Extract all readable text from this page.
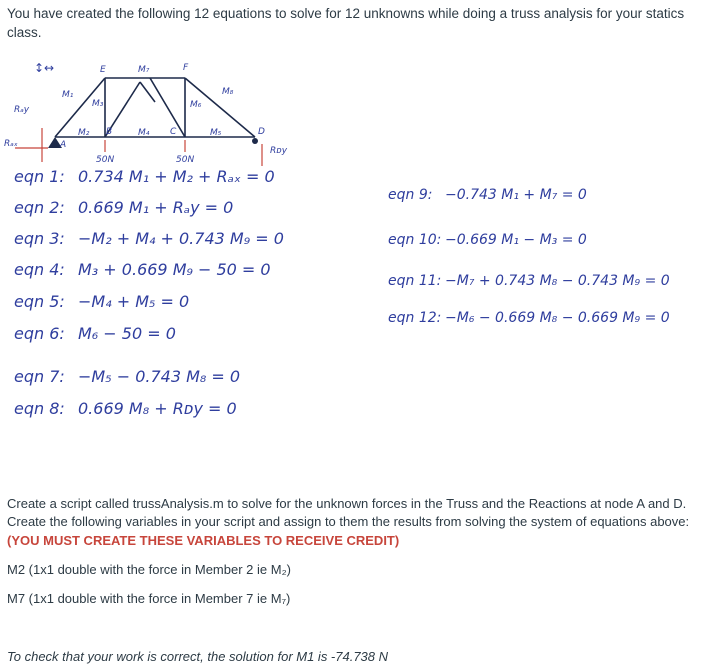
You have created the following 12 equations to solve for 12 unknowns while doing a truss analysis for your statics class.

↕︎↔
M₁
M₂
M₃
M₄	M₅
M₆
M₇
M₈
A
B	C	D
E	F
Rₐₓ
Rₐy
Rᴅy
50N	50N
eqn 1: 0.734 M₁ + M₂ + Rₐₓ = 0
eqn 2: 0.669 M₁ + Rₐy = 0
eqn 3: −M₂ + M₄ + 0.743 M₉ = 0
eqn 4: M₃ + 0.669 M₉ − 50 = 0
eqn 5: −M₄ + M₅ = 0
eqn 6: M₆ − 50 = 0
eqn 7: −M₅ − 0.743 M₈ = 0
eqn 8: 0.669 M₈ + Rᴅy = 0
eqn 9: −0.743 M₁ + M₇ = 0
eqn 10: −0.669 M₁ − M₃ = 0
eqn 11: −M₇ + 0.743 M₈ − 0.743 M₉ = 0
eqn 12: −M₆ − 0.669 M₈ − 0.669 M₉ = 0

Create a script called trussAnalysis.m to solve for the unknown forces in the Truss and the Reactions at node A and D. Create the following variables in your script and assign to them the results from solving the system of equations above:

(YOU MUST CREATE THESE VARIABLES TO RECEIVE CREDIT)

M2 (1x1 double with the force in Member 2 ie M₂)

M7 (1x1 double with the force in Member 7 ie M₇)

To check that your work is correct, the solution for M1 is -74.738 N
